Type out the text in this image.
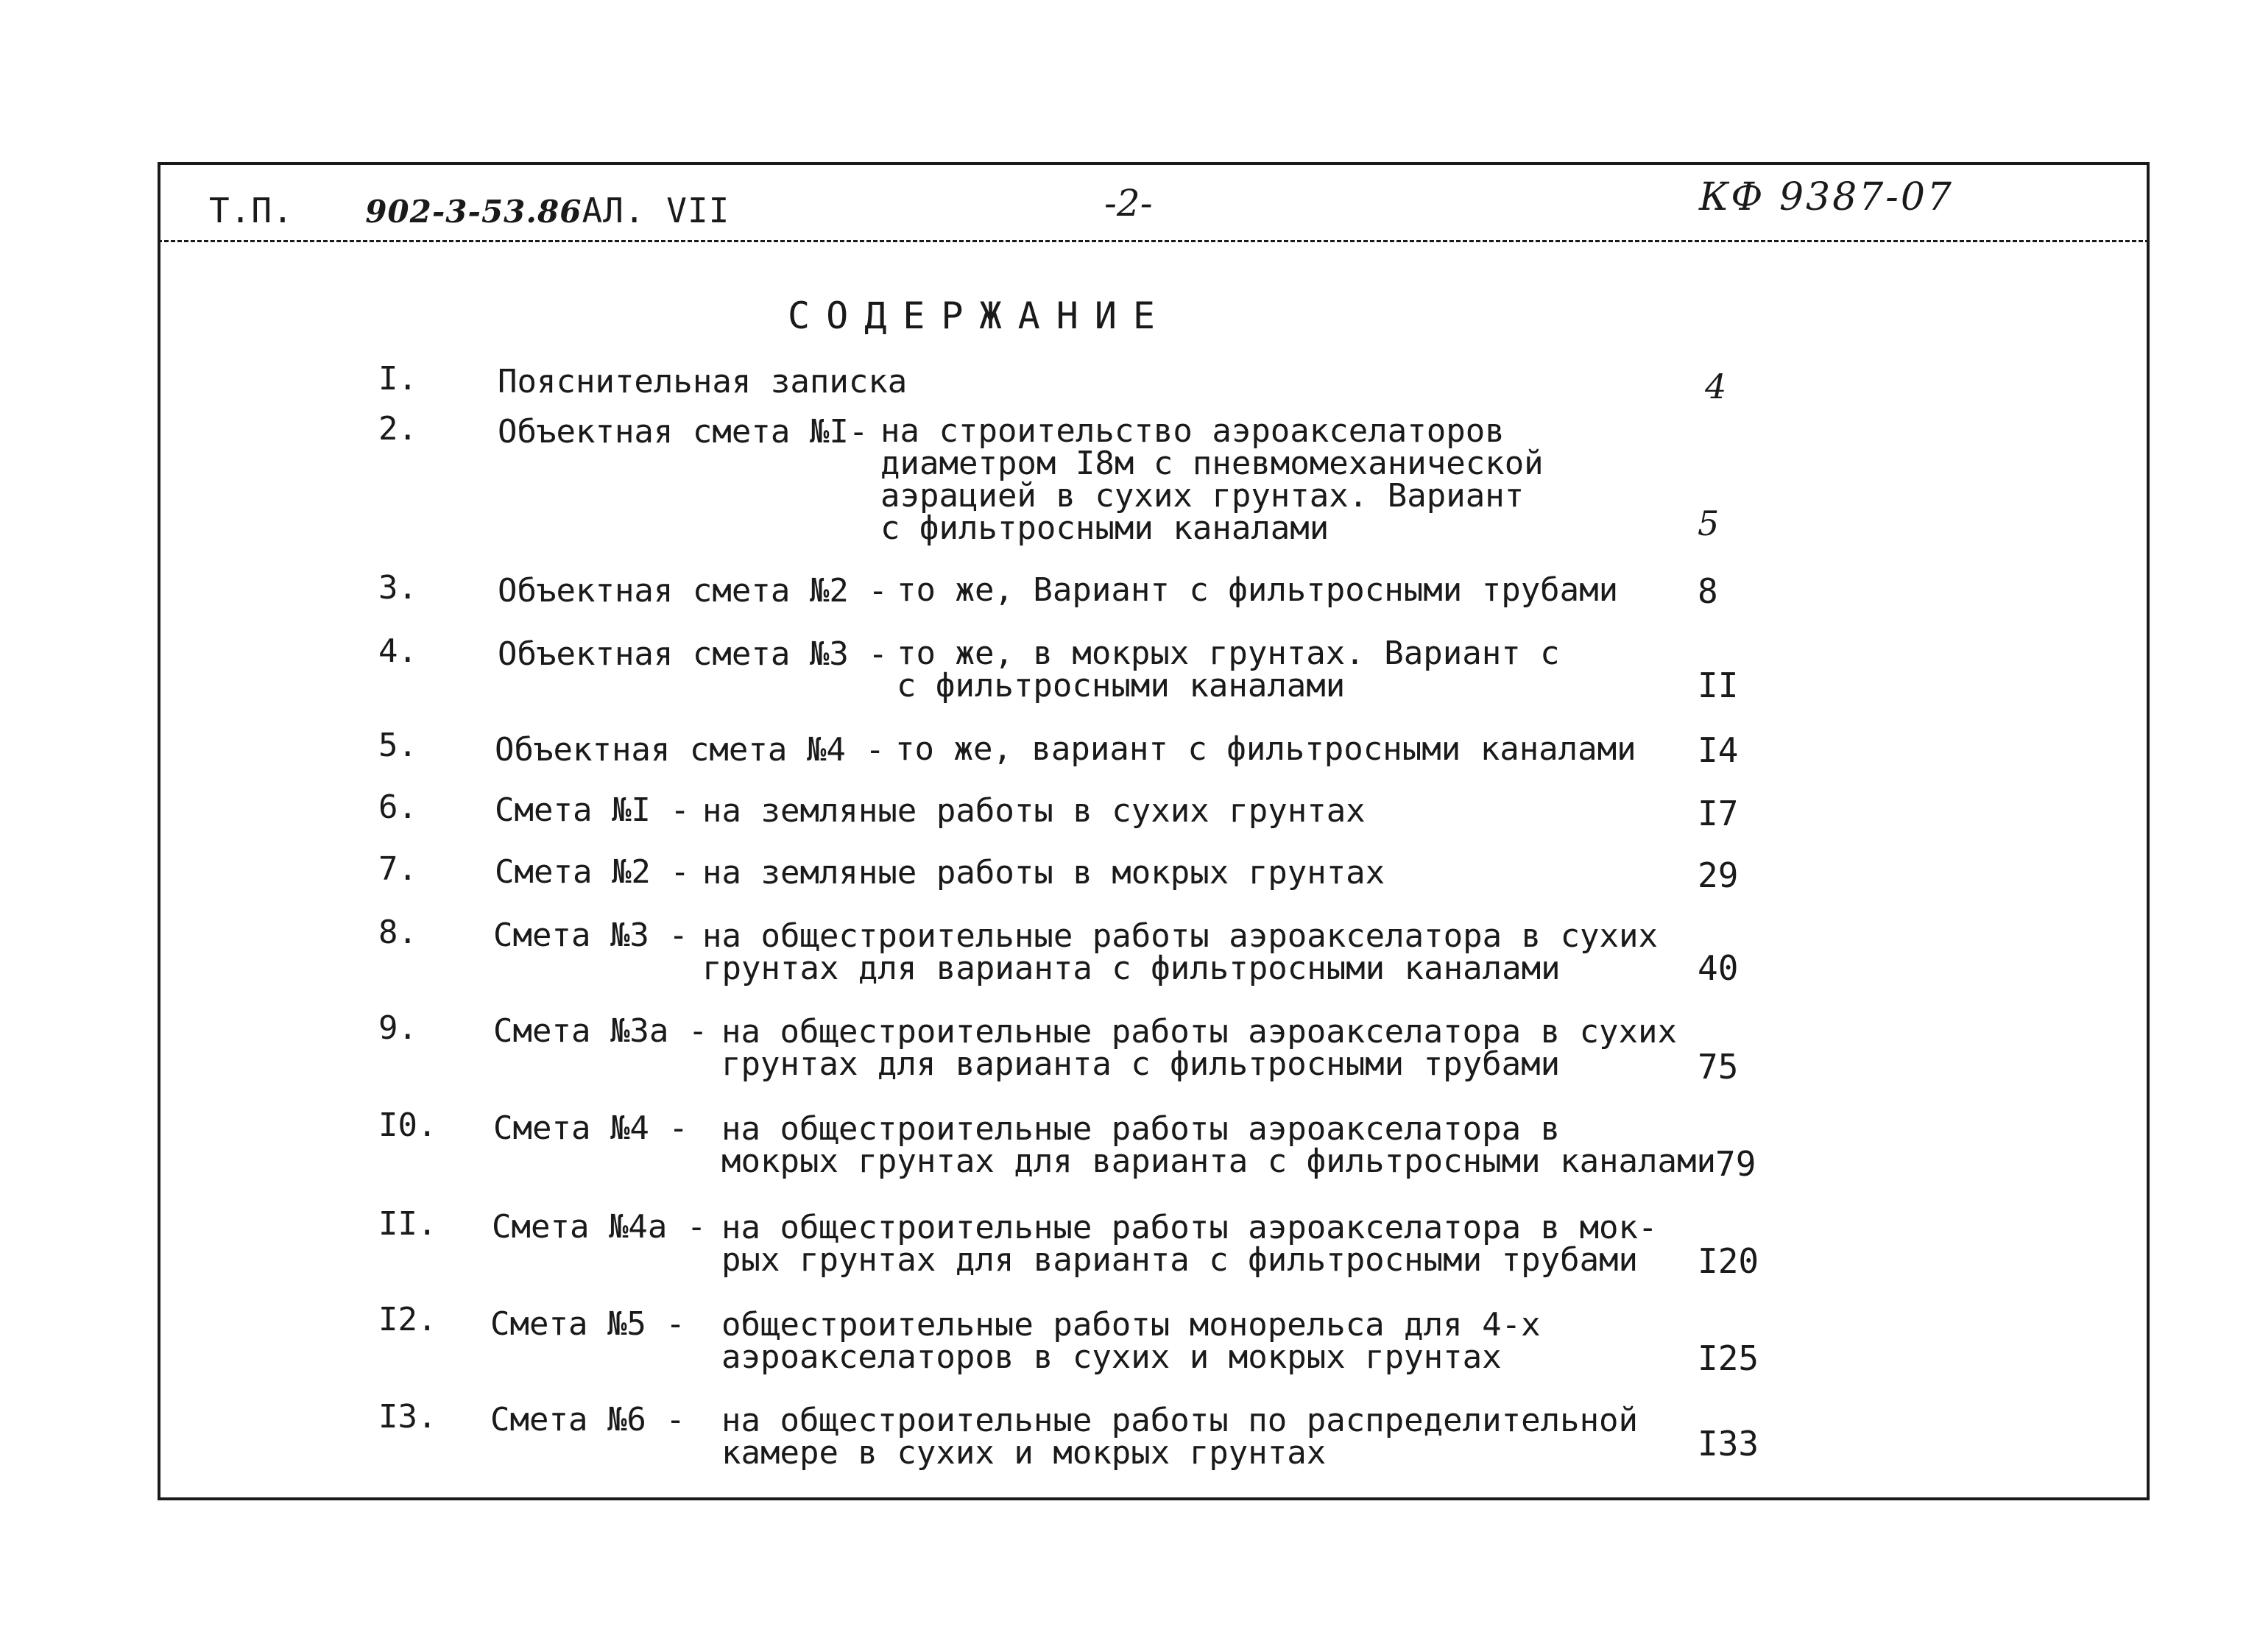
Т.П. 902-3-53.86АЛ. VII	-2-	КФ 9387-07
СОДЕРЖАНИЕ
I. Пояснительная записка	4
2. Объектная смета №I- на строительство аэроакселаторов
диаметром I8м с пневмомеханической
аэрацией в сухих грунтах. Вариант
с фильтросными каналами	5
3. Объектная смета №2 - то же, Вариант с фильтросными трубами 8
4. Объектная смета №3 - то же, в мокрых грунтах. Вариант с
с фильтросными каналами	II
5. Объектная смета №4 - то же, вариант с фильтросными каналами I4
6. Смета №I - на земляные работы в сухих грунтах	I7
7. Смета №2 - на земляные работы в мокрых грунтах	29
8. Смета №3 - на общестроительные работы аэроакселатора в сухих
грунтах для варианта с фильтросными каналами	40
9. Смета №3а - на общестроительные работы аэроакселатора в сухих
грунтах для варианта с фильтросными трубами	75
I0. Смета №4 - на общестроительные работы аэроакселатора в
мокрых грунтах для варианта с фильтросными каналами
79
II. Смета №4а - на общестроительные работы аэроакселатора в мок-
рых грунтах для варианта с фильтросными трубами	I20
I2. Смета №5 - общестроительные работы монорельса для 4-х
аэроакселаторов в сухих и мокрых грунтах	I25
I3. Смета №6 - на общестроительные работы по распределительной
камере в сухих и мокрых грунтах	I33
